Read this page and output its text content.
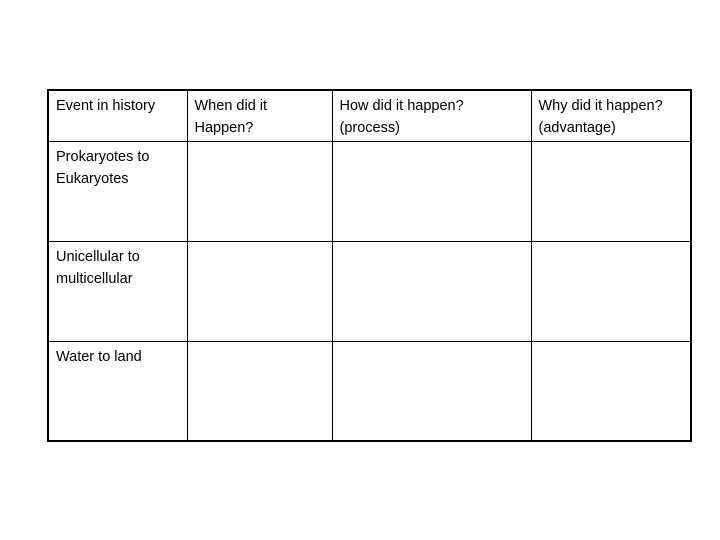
Event in history	When did it Happen?	How did it happen? (process)	Why did it happen? (advantage)
Prokaryotes to Eukaryotes			
Unicellular to multicellular			
Water to land			
